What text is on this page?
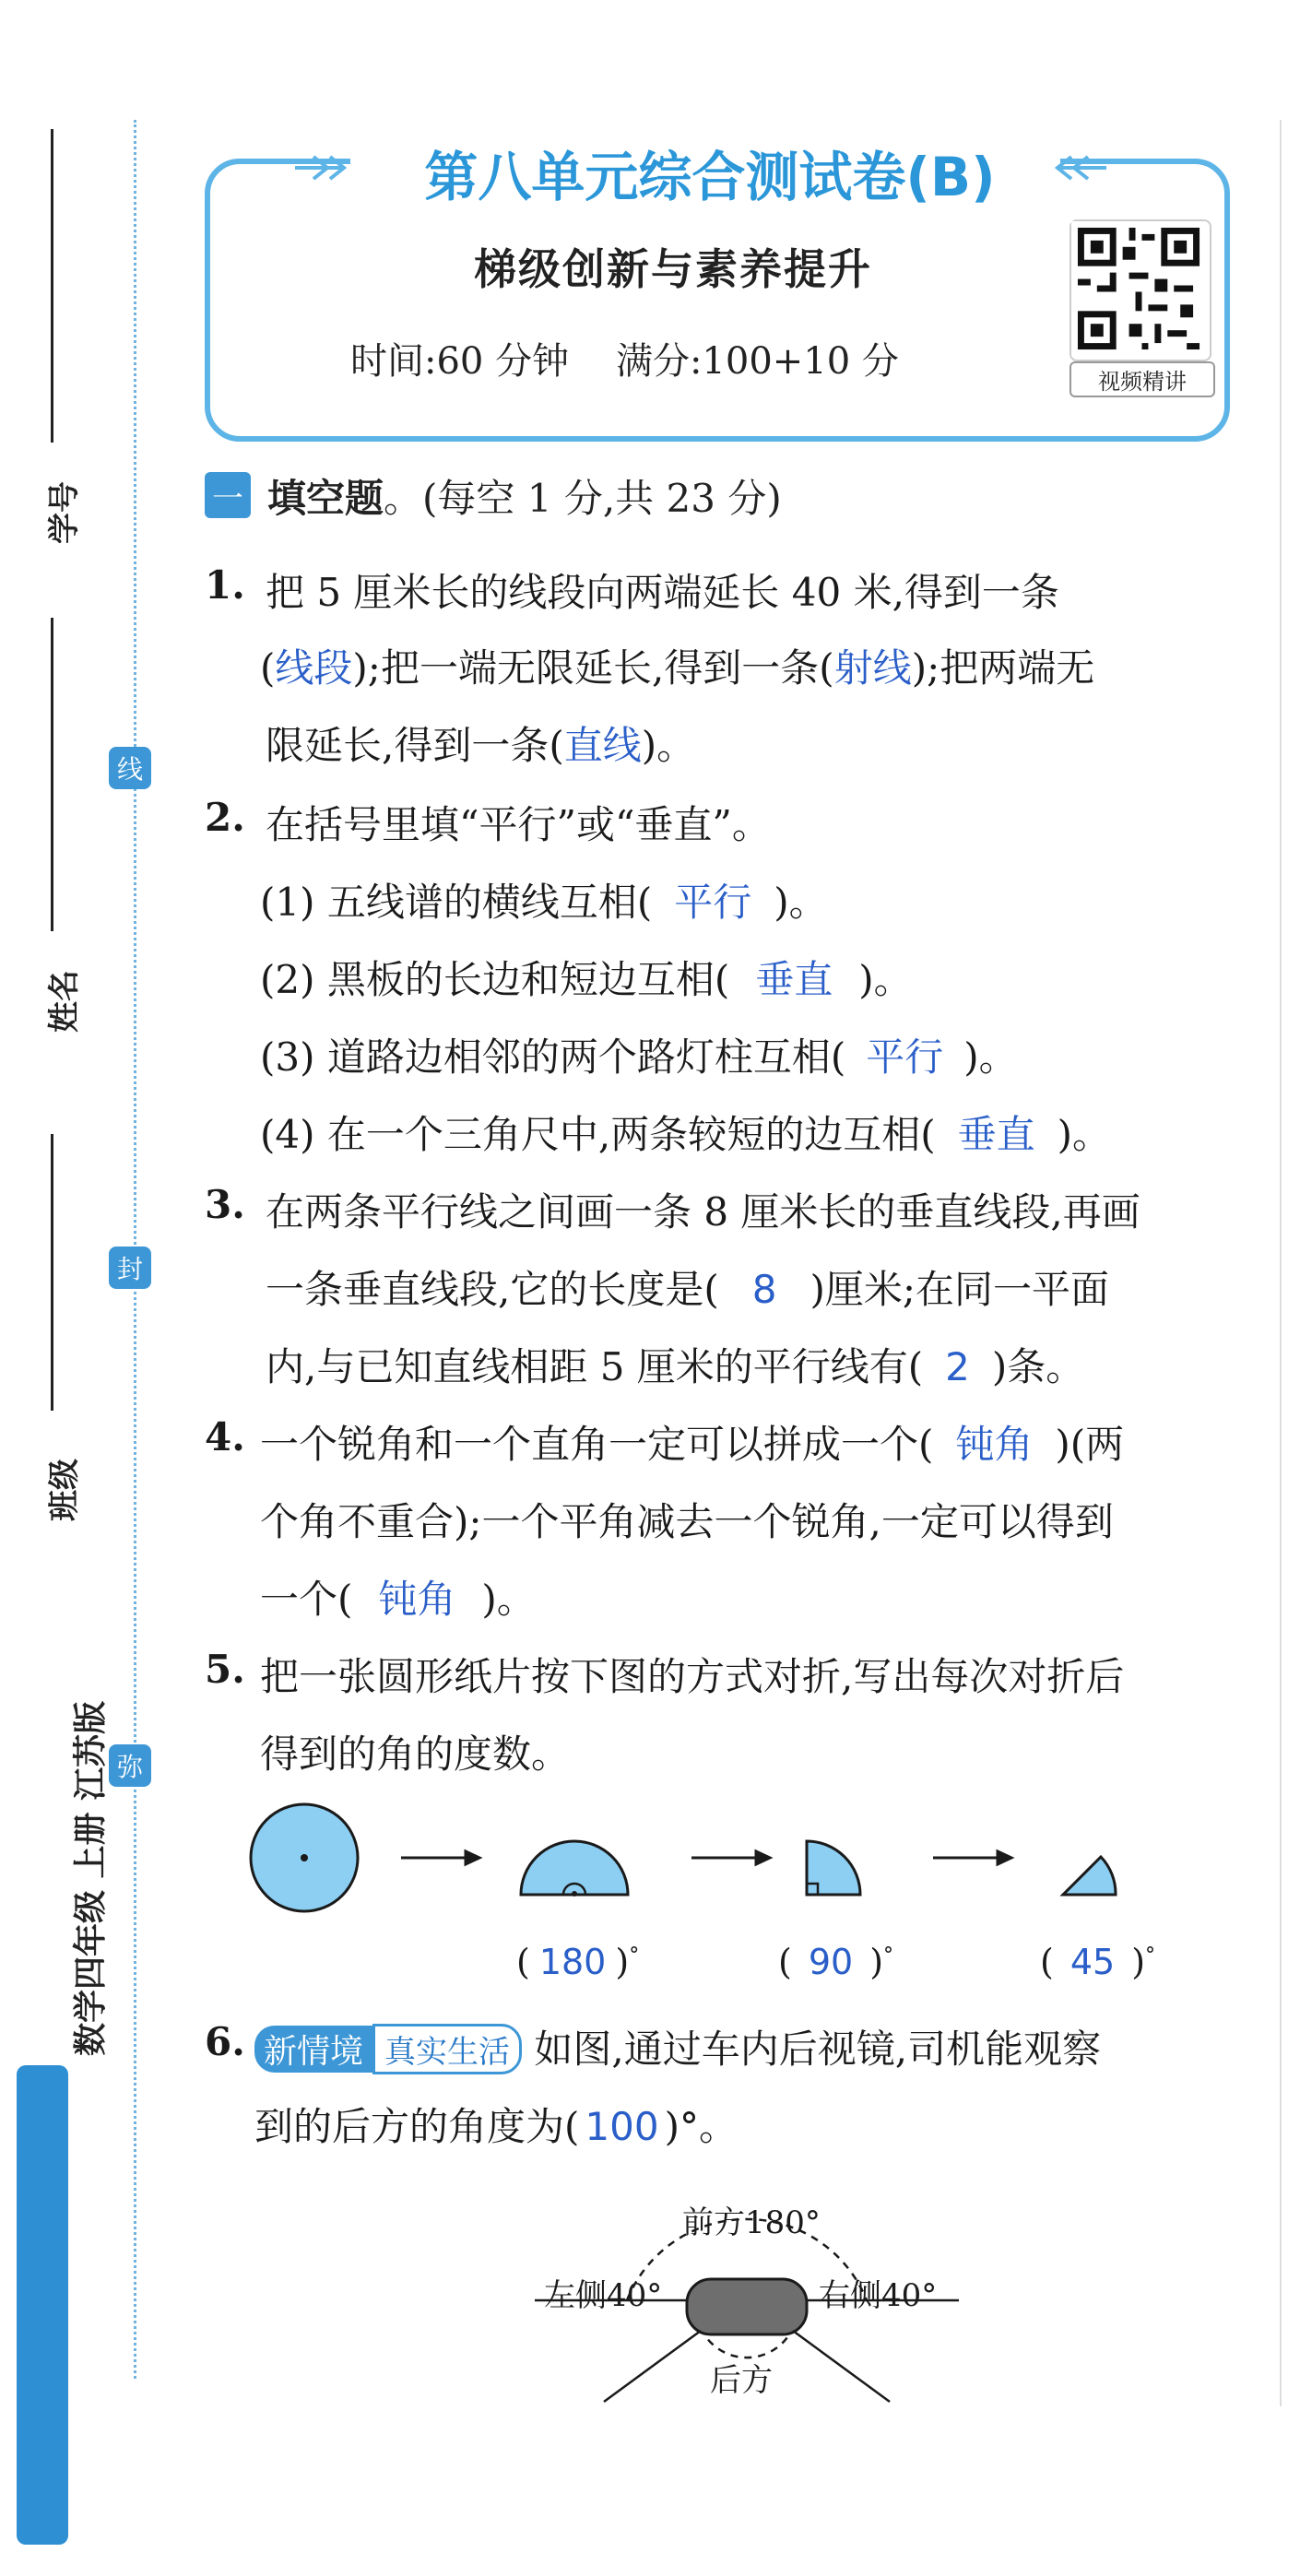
学号
姓名
班级
线
封
弥
数学四年级 上册 江苏版
亮点给力大试卷
第八单元综合测试卷(B)
梯级创新与素养提升
时间:60 分钟    满分:100+10 分	视频精讲
一 填空题。(每空 1 分,共 23 分)
1. 把 5 厘米长的线段向两端延长 40 米,得到一条
(线段);把一端无限延长,得到一条(射线);把两端无
限延长,得到一条(直线)。
2. 在括号里填“平行”或“垂直”。
(1) 五线谱的横线互相( 平行 )。
(2) 黑板的长边和短边互相( 垂直 )。
(3) 道路边相邻的两个路灯柱互相( 平行 )。
(4) 在一个三角尺中,两条较短的边互相( 垂直 )。
3. 在两条平行线之间画一条 8 厘米长的垂直线段,再画
一条垂直线段,它的长度是( 8 )厘米;在同一平面
内,与已知直线相距 5 厘米的平行线有( 2 )条。
4. 一个锐角和一个直角一定可以拼成一个( 钝角 )(两
个角不重合);一个平角减去一个锐角,一定可以得到
一个( 钝角 )。
5. 把一张圆形纸片按下图的方式对折,写出每次对折后
得到的角的度数。
( 180 )°	( 90 )°	( 45 )°
6. 新情境 真实生活 如图,通过车内后视镜,司机能观察
到的后方的角度为( 100 )°。
前方180°
左侧40°	右侧40°
后方
